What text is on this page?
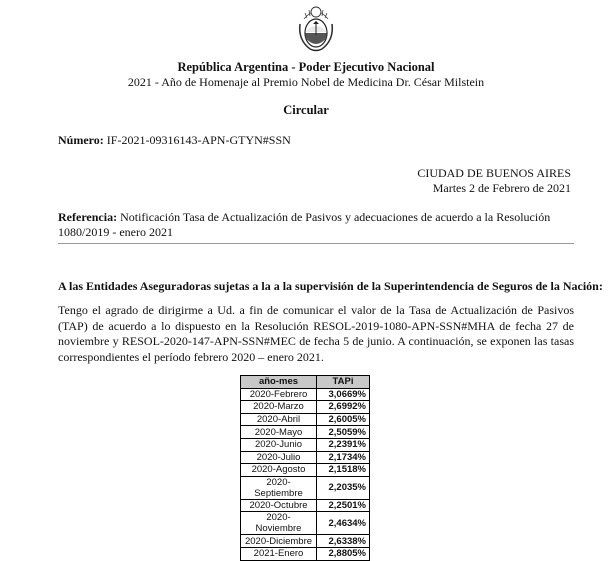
República Argentina - Poder Ejecutivo Nacional
2021 - Año de Homenaje al Premio Nobel de Medicina Dr. César Milstein
Circular
Número: IF-2021-09316143-APN-GTYN#SSN
CIUDAD DE BUENOS AIRES
Martes 2 de Febrero de 2021
Referencia: Notificación Tasa de Actualización de Pasivos y adecuaciones de acuerdo a la Resolución 1080/2019 - enero 2021
A las Entidades Aseguradoras sujetas a la a la supervisión de la Superintendencia de Seguros de la Nación:
Tengo el agrado de dirigirme a Ud. a fin de comunicar el valor de la Tasa de Actualización de Pasivos (TAP) de acuerdo a lo dispuesto en la Resolución RESOL-2019-1080-APN-SSN#MHA de fecha 27 de noviembre y RESOL-2020-147-APN-SSN#MEC de fecha 5 de junio. A continuación, se exponen las tasas correspondientes el período febrero 2020 – enero 2021.
año-mes	TAPi
2020-Febrero	3,0669%
2020-Marzo	2,6992%
2020-Abril	2,6005%
2020-Mayo	2,5059%
2020-Junio	2,2391%
2020-Julio	2,1734%
2020-Agosto	2,1518%
2020-Septiembre	2,2035%
2020-Octubre	2,2501%
2020-Noviembre	2,4634%
2020-Diciembre	2,6338%
2021-Enero	2,8805%
